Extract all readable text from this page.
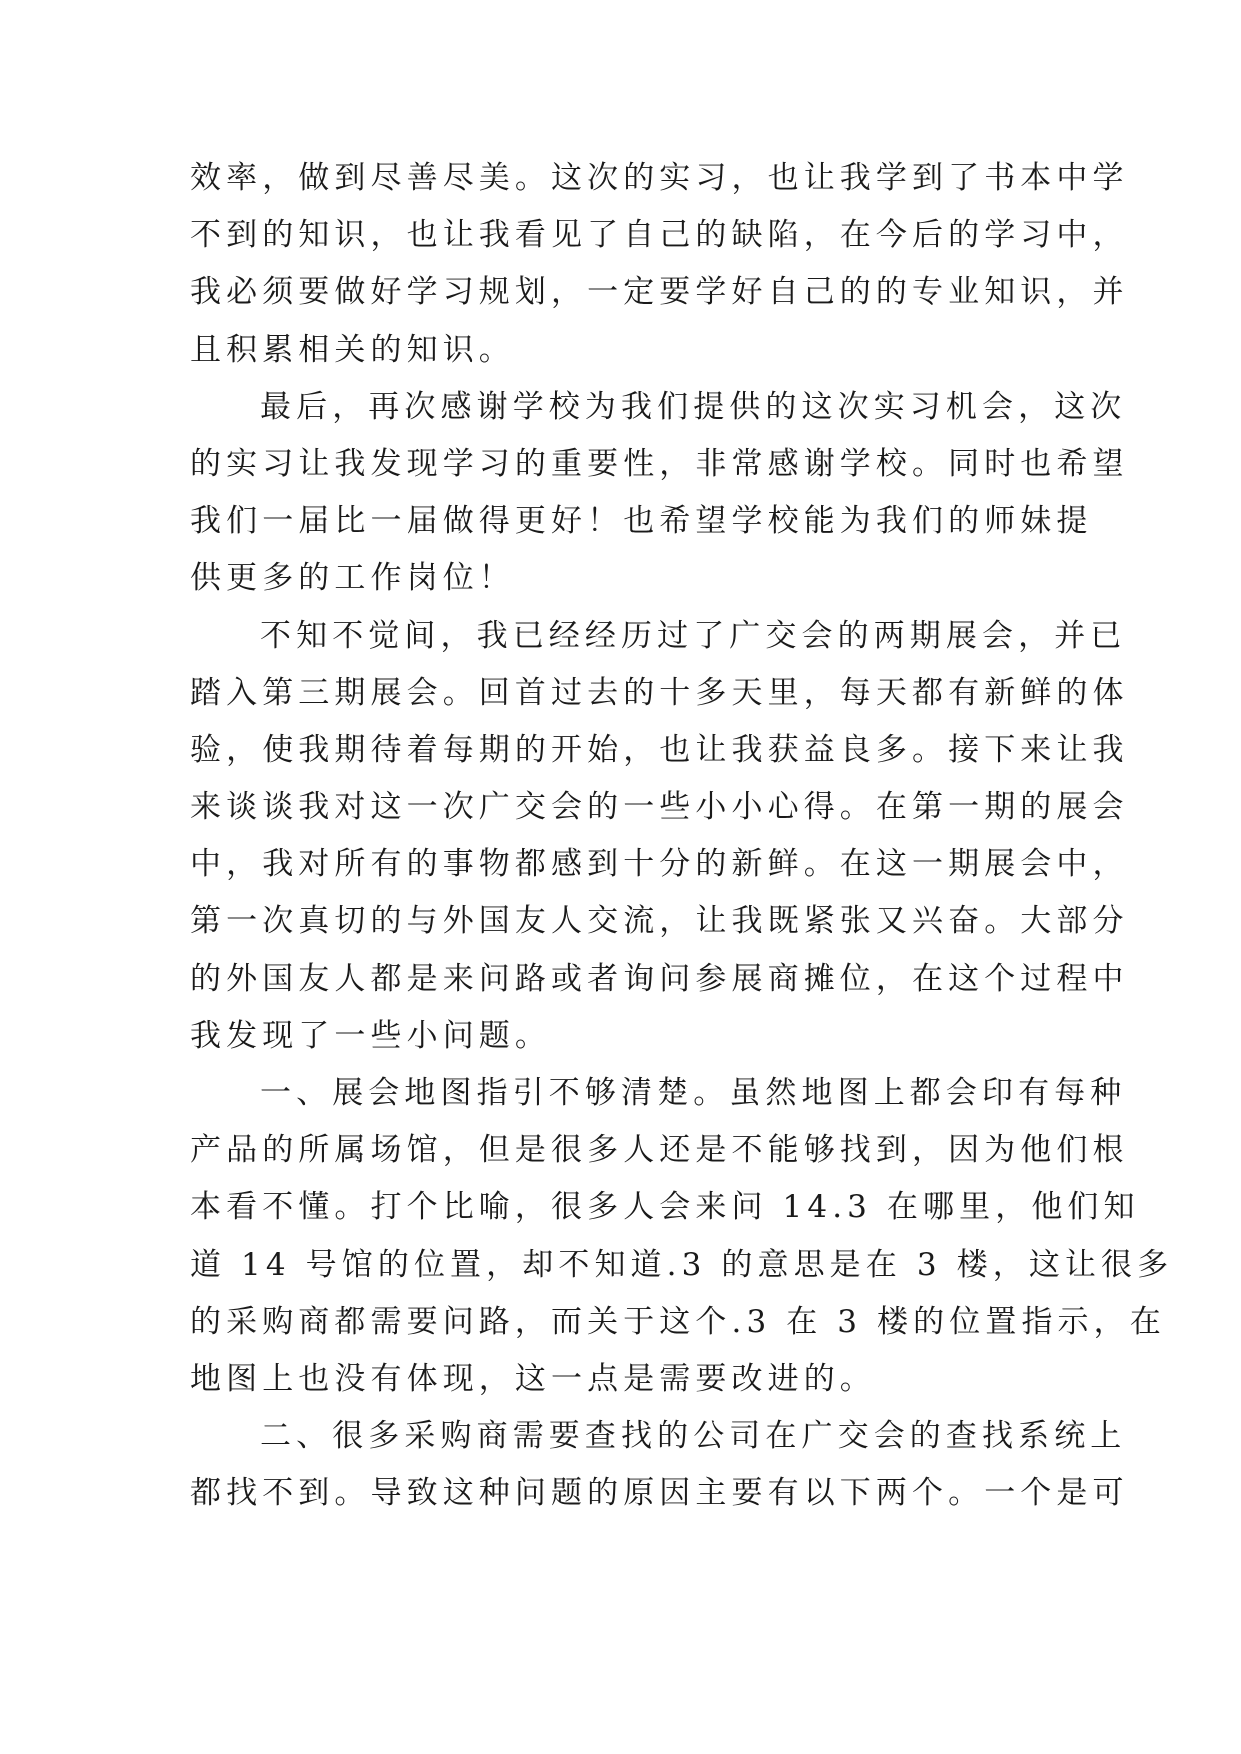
效率，做到尽善尽美。这次的实习，也让我学到了书本中学
不到的知识，也让我看见了自己的缺陷，在今后的学习中，
我必须要做好学习规划，一定要学好自己的的专业知识，并
且积累相关的知识。
最后，再次感谢学校为我们提供的这次实习机会，这次
的实习让我发现学习的重要性，非常感谢学校。同时也希望
我们一届比一届做得更好！也希望学校能为我们的师妹提
供更多的工作岗位！
不知不觉间，我已经经历过了广交会的两期展会，并已
踏入第三期展会。回首过去的十多天里，每天都有新鲜的体
验，使我期待着每期的开始，也让我获益良多。接下来让我
来谈谈我对这一次广交会的一些小小心得。在第一期的展会
中，我对所有的事物都感到十分的新鲜。在这一期展会中，
第一次真切的与外国友人交流，让我既紧张又兴奋。大部分
的外国友人都是来问路或者询问参展商摊位，在这个过程中
我发现了一些小问题。
一、展会地图指引不够清楚。虽然地图上都会印有每种
产品的所属场馆，但是很多人还是不能够找到，因为他们根
本看不懂。打个比喻，很多人会来问 14.3 在哪里，他们知
道 14 号馆的位置，却不知道.3 的意思是在 3 楼，这让很多
的采购商都需要问路，而关于这个.3 在 3 楼的位置指示，在
地图上也没有体现，这一点是需要改进的。
二、很多采购商需要查找的公司在广交会的查找系统上
都找不到。导致这种问题的原因主要有以下两个。一个是可
